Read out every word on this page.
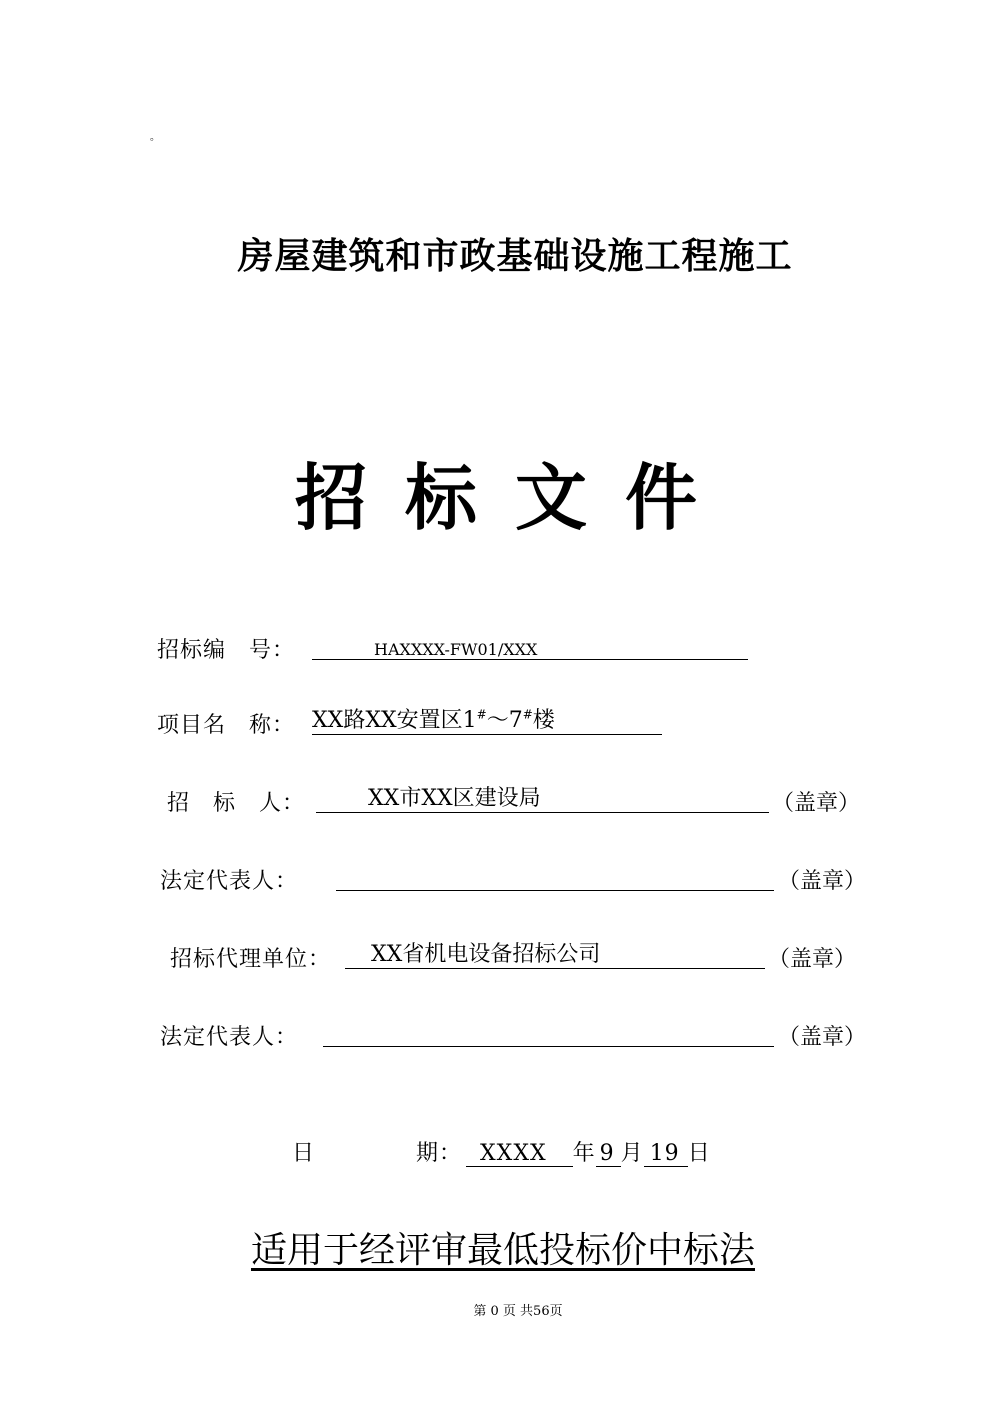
。
房屋建筑和市政基础设施工程施工
招标文件
招标编　号：	HAXXXX-FW01/XXX
项目名　称： XX路XX安置区1#～7#楼
招　标　人：	XX市XX区建设局	（盖章）
法定代表人：	（盖章）
招标代理单位： XX省机电设备招标公司	（盖章）
法定代表人：	（盖章）
日	期： XXXX 年 9 月 19 日
适用于经评审最低投标价中标法
第 0 页 共56页
